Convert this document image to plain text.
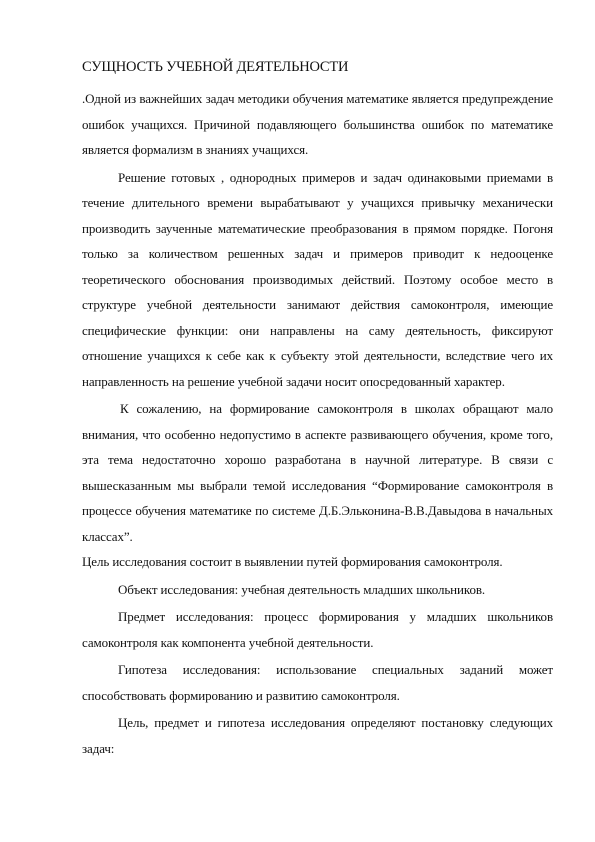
СУЩНОСТЬ УЧЕБНОЙ ДЕЯТЕЛЬНОСТИ

.Одной из важнейших задач методики обучения математике является предупреждение ошибок учащихся. Причиной подавляющего большинства ошибок по математике является формализм в знаниях учащихся.

Решение готовых , однородных примеров и задач одинаковыми приемами в течение длительного времени вырабатывают у учащихся привычку механически производить заученные математические преобразования в прямом порядке. Погоня только за количеством решенных задач и примеров приводит к недооценке теоретического обоснования производимых действий. Поэтому особое место в структуре учебной деятельности занимают действия самоконтроля, имеющие специфические функции: они направлены на саму деятельность, фиксируют отношение учащихся к себе как к субъекту этой деятельности, вследствие чего их направленность на решение учебной задачи носит опосредованный характер.

К сожалению, на формирование самоконтроля в школах обращают мало внимания, что особенно недопустимо в аспекте развивающего обучения, кроме того, эта тема недостаточно хорошо разработана в научной литературе. В связи с вышесказанным мы выбрали темой исследования “Формирование самоконтроля в процессе обучения математике по системе Д.Б.Эльконина-В.В.Давыдова в начальных классах”.

Цель исследования состоит в выявлении путей формирования самоконтроля.

Объект исследования: учебная деятельность младших школьников.

Предмет исследования: процесс формирования у младших школьников самоконтроля как компонента учебной деятельности.

Гипотеза исследования: использование специальных заданий может способствовать формированию и развитию самоконтроля.

Цель, предмет и гипотеза исследования определяют постановку следующих задач:
